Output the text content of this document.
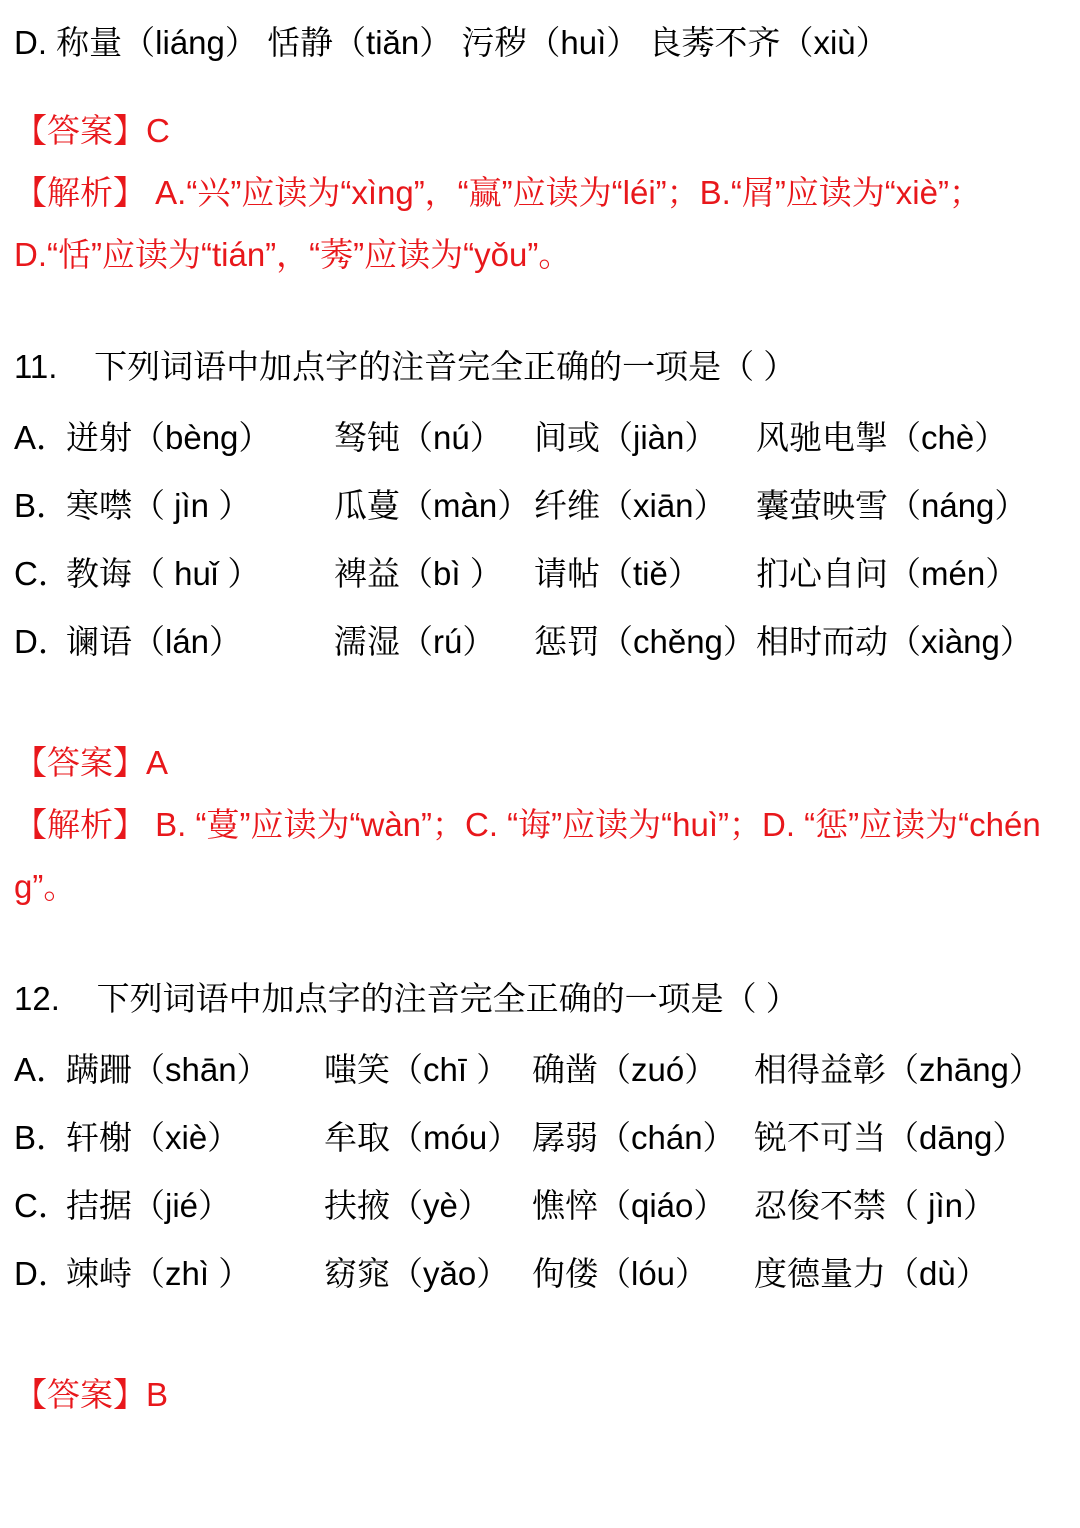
D. 称量（liáng） 恬静（tiǎn） 污秽（huì） 良莠不齐（xiù）
【答案】C
【解析】 A.“兴”应读为“xìng”，“赢”应读为“léi”；B.“屑”应读为“xiè”；D.“恬”应读为“tián”，“莠”应读为“yǒu”。
11. 下列词语中加点字的注音完全正确的一项是（ ）
A．
迸射（bèng）	驽钝（nú） 间或（jiàn）	风驰电掣（chè）
B．
寒噤（ jìn ）	瓜蔓（màn） 纤维（xiān） 囊萤映雪（náng）
C．
教诲（ huǐ ）	裨益（bì ） 请帖（tiě）	扪心自问（mén）
D．
谰语（lán）	濡湿（rú）	惩罚（chěng） 相时而动（xiàng）
【答案】A
【解析】 B. “蔓”应读为“wàn”；C. “诲”应读为“huì”；D. “惩”应读为“chéng”。
12. 下列词语中加点字的注音完全正确的一项是（ ）
A．
蹒跚（shān）	嗤笑（chī ） 确凿（zuó）	相得益彰（zhāng）
B．
轩榭（xiè）	牟取（móu） 孱弱（chán） 锐不可当（dāng）
C．
拮据（jié）	扶掖（yè）	憔悴（qiáo） 忍俊不禁（ jìn）
D．
竦峙（zhì ）	窈窕（yǎo） 佝偻（lóu）	度德量力（dù）
【答案】B
